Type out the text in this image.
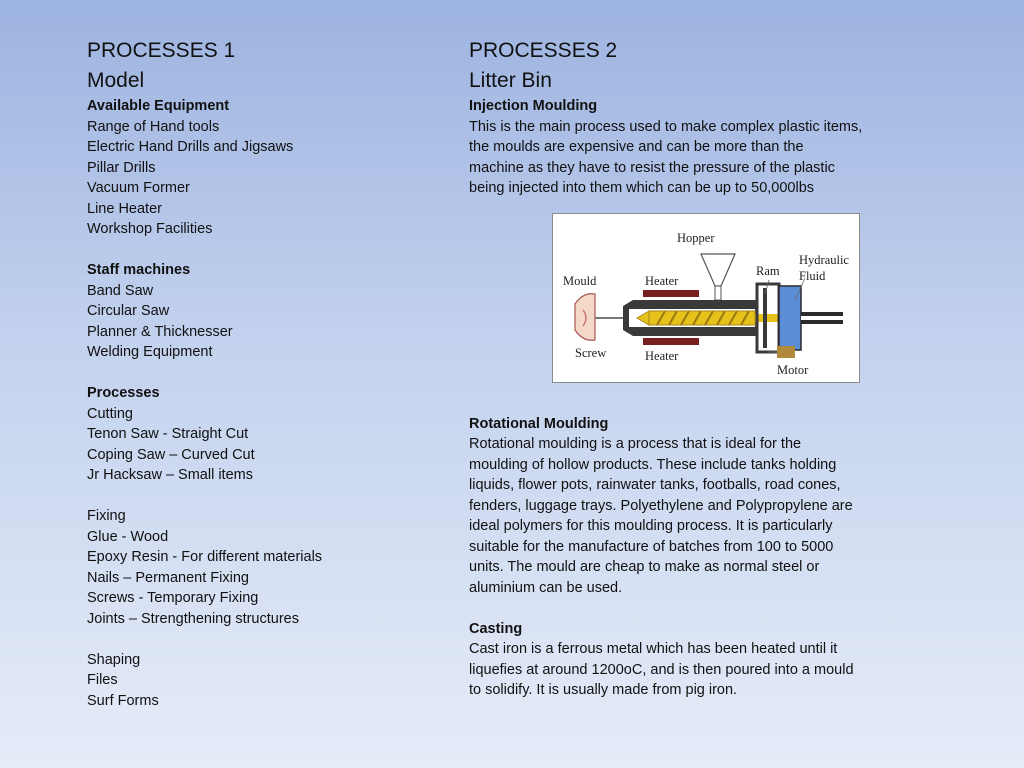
PROCESSES 1

Model

Available Equipment

Range of Hand tools

Electric Hand Drills and Jigsaws

Pillar Drills

Vacuum Former

Line Heater

Workshop Facilities

Staff machines

Band Saw

Circular Saw

Planner & Thicknesser

Welding Equipment

Processes

Cutting

Tenon Saw - Straight Cut

Coping Saw – Curved Cut

Jr Hacksaw – Small items

Fixing

Glue - Wood

Epoxy Resin - For different materials

Nails – Permanent Fixing

Screws - Temporary Fixing

Joints – Strengthening structures

Shaping

Files

Surf Forms

PROCESSES 2

Litter Bin

Injection Moulding

This is the main process used to make complex plastic items,

the moulds are expensive and can be more than the

machine as they have to resist the pressure of the plastic

being injected into them which can be up to 50,000lbs

Rotational Moulding

Rotational moulding is a process that is ideal for the

moulding of hollow products. These include tanks holding

liquids, flower pots, rainwater tanks, footballs, road cones,

fenders, luggage trays. Polyethylene and Polypropylene are

ideal polymers for this moulding process. It is particularly

suitable for the manufacture of batches from 100 to 5000

units. The mould are cheap to make as normal steel or

aluminium can be used.

Casting

Cast iron is a ferrous metal which has been heated until it

liquefies at around 1200oC, and is then poured into a mould

to solidify. It is usually made from pig iron.

Hopper
Mould	Heater
Ram
Hydraulic
Fluid
Screw	Heater
Motor
